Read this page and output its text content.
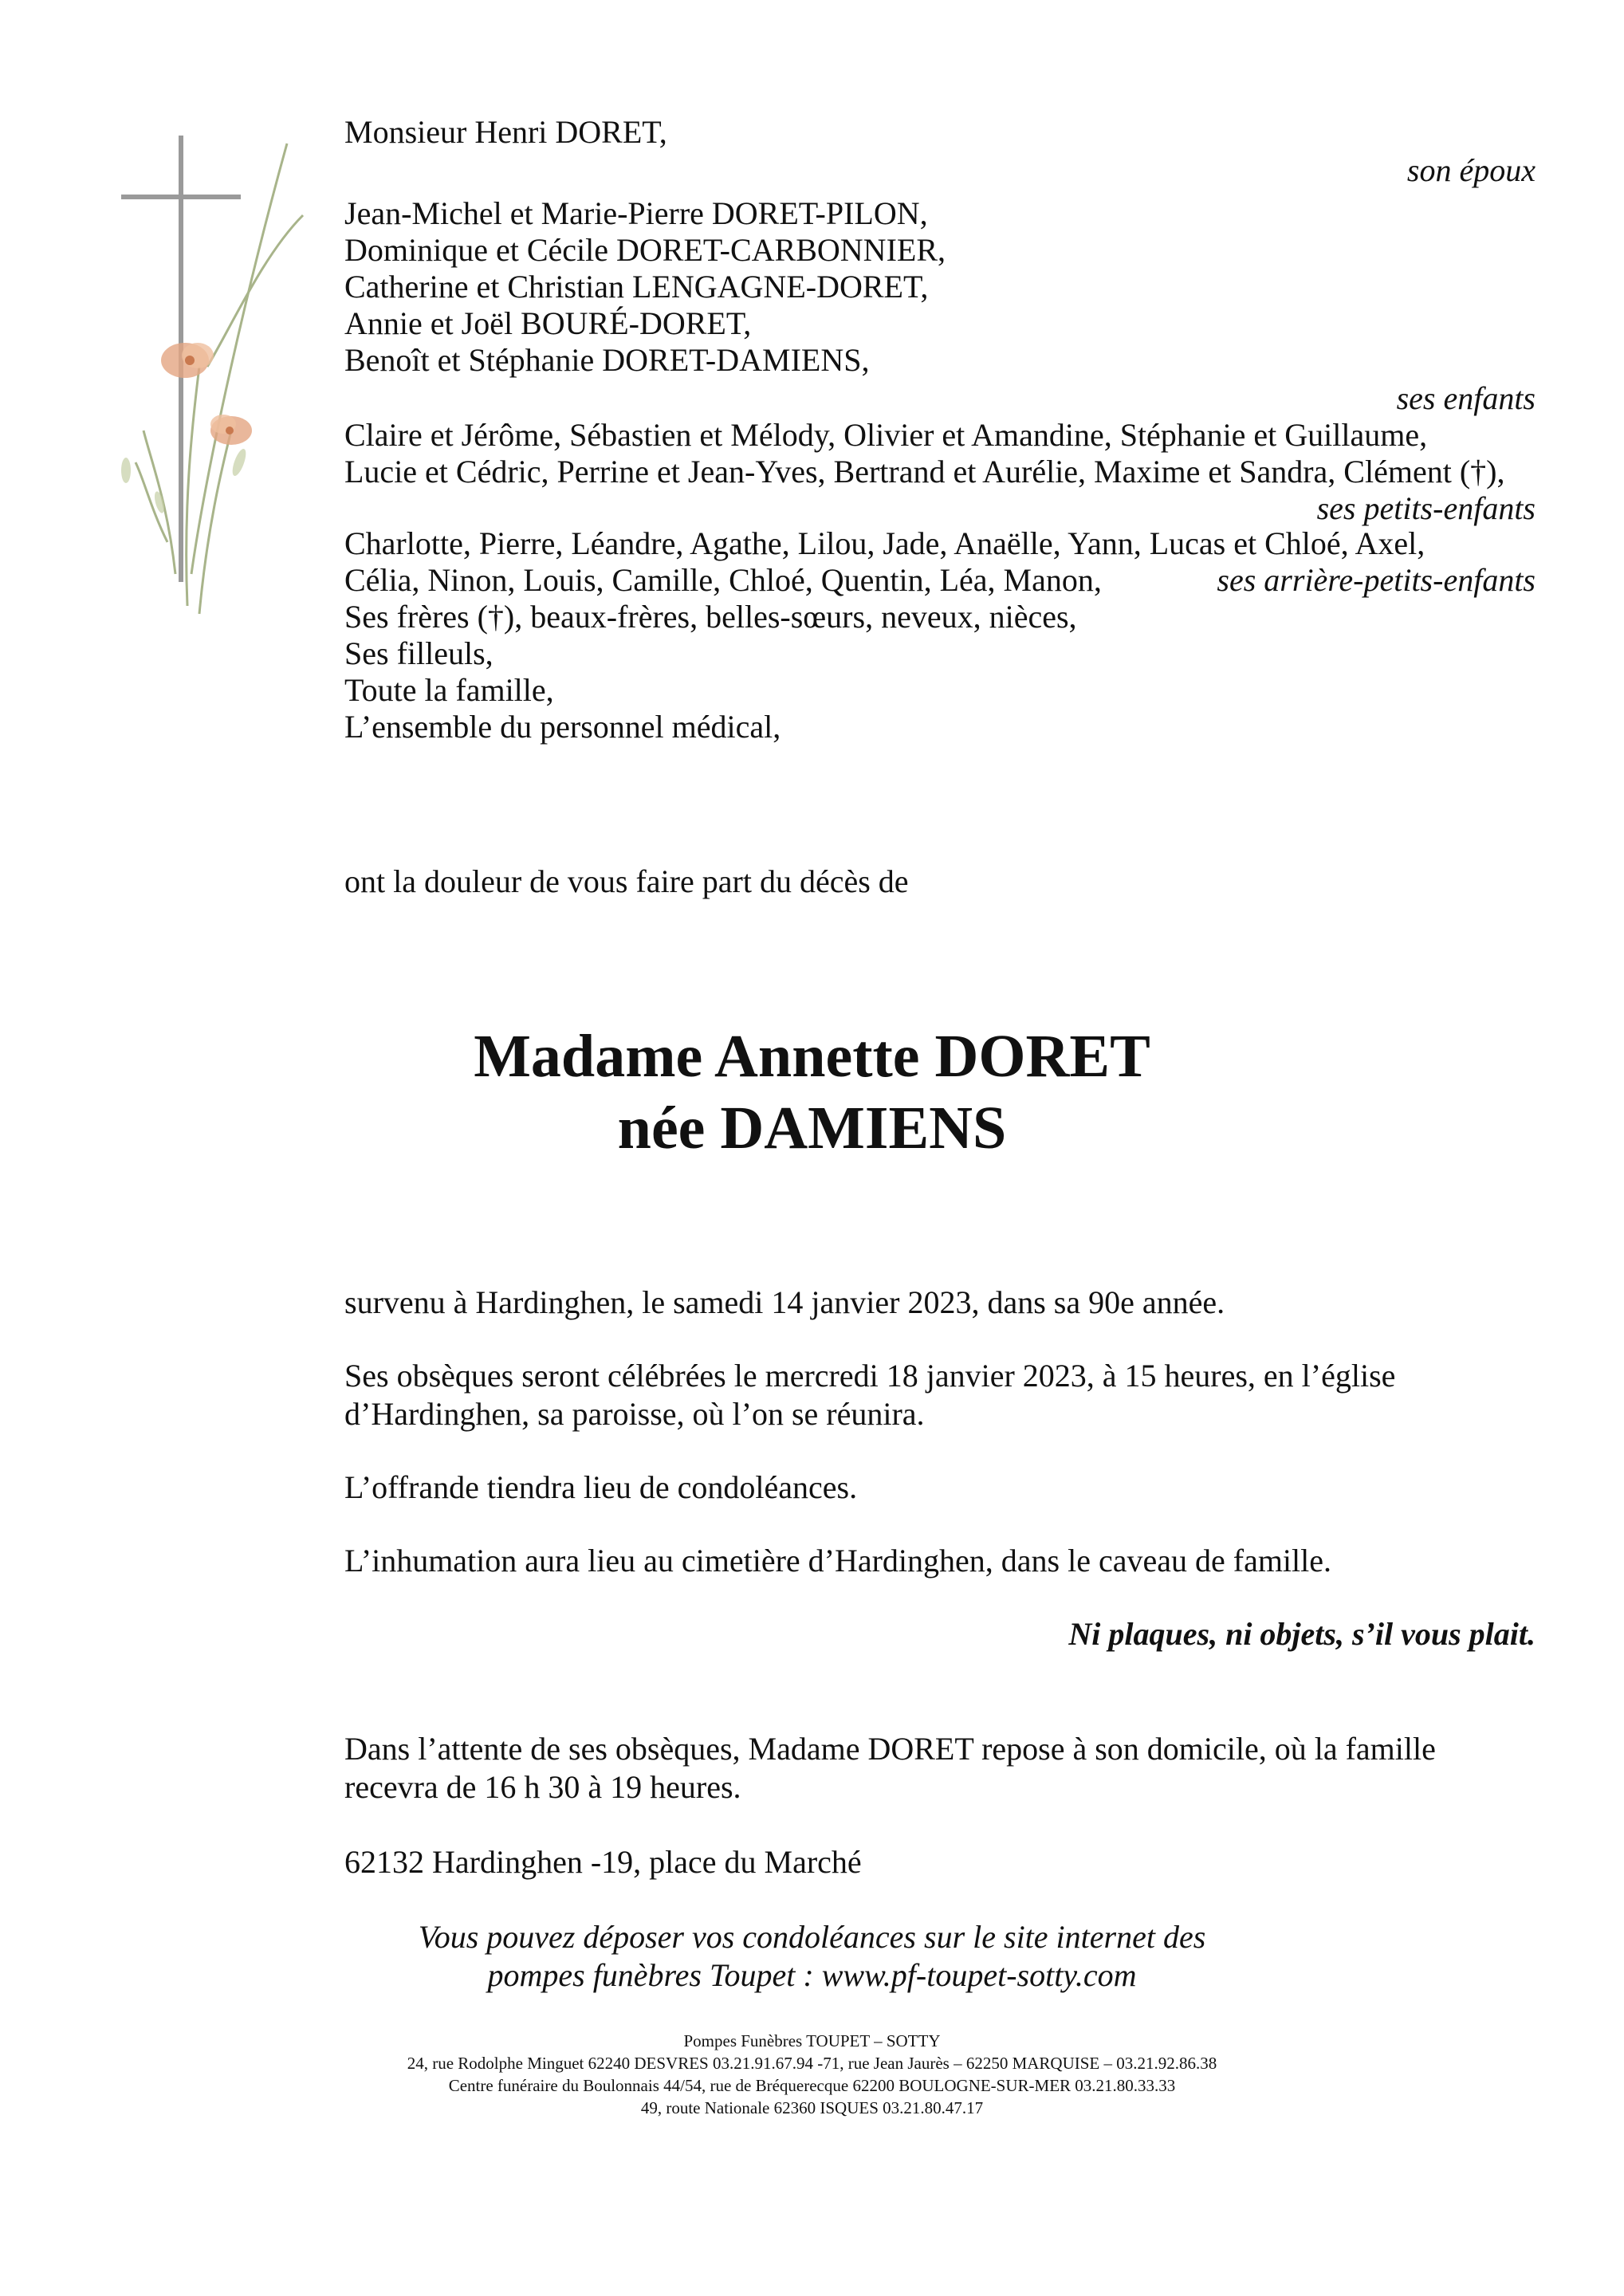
Monsieur Henri DORET,
son époux
Jean-Michel et Marie-Pierre DORET-PILON,
Dominique et Cécile DORET-CARBONNIER,
Catherine et Christian LENGAGNE-DORET,
Annie et Joël BOURÉ-DORET,
Benoît et Stéphanie DORET-DAMIENS,
ses enfants
Claire et Jérôme, Sébastien et Mélody, Olivier et Amandine, Stéphanie et Guillaume,
Lucie et Cédric, Perrine et Jean-Yves, Bertrand et Aurélie, Maxime et Sandra, Clément (†),
ses petits-enfants
Charlotte, Pierre, Léandre, Agathe, Lilou, Jade, Anaëlle, Yann, Lucas et Chloé, Axel,
Célia, Ninon, Louis, Camille, Chloé, Quentin, Léa, Manon,	ses arrière-petits-enfants
Ses frères (†), beaux-frères, belles-sœurs, neveux, nièces,
Ses filleuls,
Toute la famille,
L’ensemble du personnel médical,
ont la douleur de vous faire part du décès de
Madame Annette DORET
née DAMIENS
survenu à Hardinghen, le samedi 14 janvier 2023, dans sa 90e année.
Ses obsèques seront célébrées le mercredi 18 janvier 2023, à 15 heures, en l’église
d’Hardinghen, sa paroisse, où l’on se réunira.
L’offrande tiendra lieu de condoléances.
L’inhumation aura lieu au cimetière d’Hardinghen, dans le caveau de famille.
Ni plaques, ni objets, s’il vous plait.
Dans l’attente de ses obsèques, Madame DORET repose à son domicile, où la famille
recevra de 16 h 30 à 19 heures.
62132 Hardinghen -19, place du Marché
Vous pouvez déposer vos condoléances sur le site internet des
pompes funèbres Toupet : www.pf-toupet-sotty.com
Pompes Funèbres TOUPET – SOTTY
24, rue Rodolphe Minguet 62240 DESVRES 03.21.91.67.94 -71, rue Jean Jaurès – 62250 MARQUISE – 03.21.92.86.38
Centre funéraire du Boulonnais 44/54, rue de Bréquerecque 62200 BOULOGNE-SUR-MER 03.21.80.33.33
49, route Nationale 62360 ISQUES 03.21.80.47.17
